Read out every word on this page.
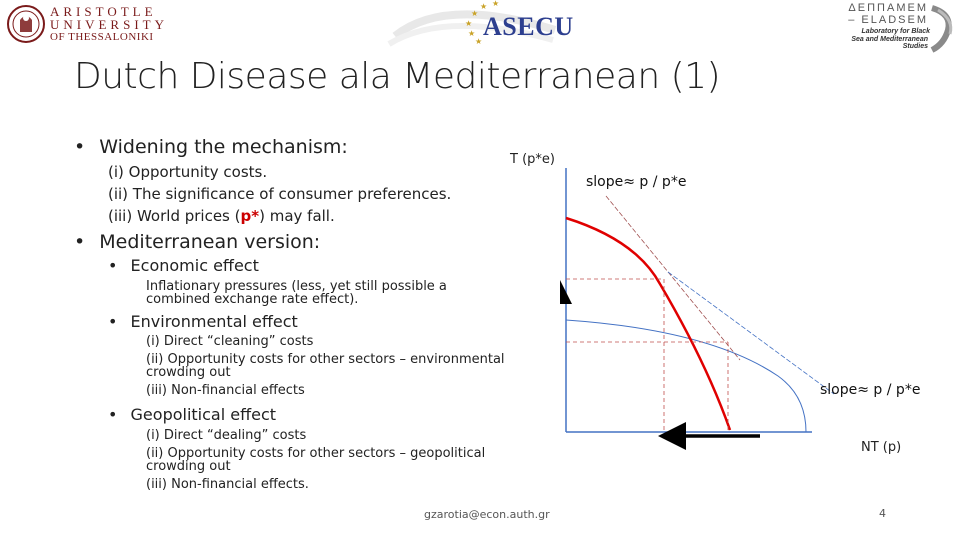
ARISTOTLE
UNIVERSITY
OF THESSALONIKI
★
★
★ ★
★
★
ASECU
ΔΕΠΠΑΜΕΜ
– ELADSEM
Laboratory for Black
Sea and Mediterranean
Studies
Dutch Disease ala Mediterranean (1)
• Widening the mechanism:
(i) Opportunity costs.
(ii) The significance of consumer preferences.
(iii) World prices (p*) may fall.
• Mediterranean version:
• Economic effect
Inflationary pressures (less, yet still possible a
combined exchange rate effect).
• Environmental effect
(i) Direct “cleaning” costs
(ii) Opportunity costs for other sectors – environmental
crowding out
(iii) Non-financial effects
• Geopolitical effect
(i) Direct “dealing” costs
(ii) Opportunity costs for other sectors – geopolitical
crowding out
(iii) Non-financial effects.
T (p*e)
NT (p)
slope≈ p / p*e
slope≈ p / p*e
gzarotia@econ.auth.gr	4
